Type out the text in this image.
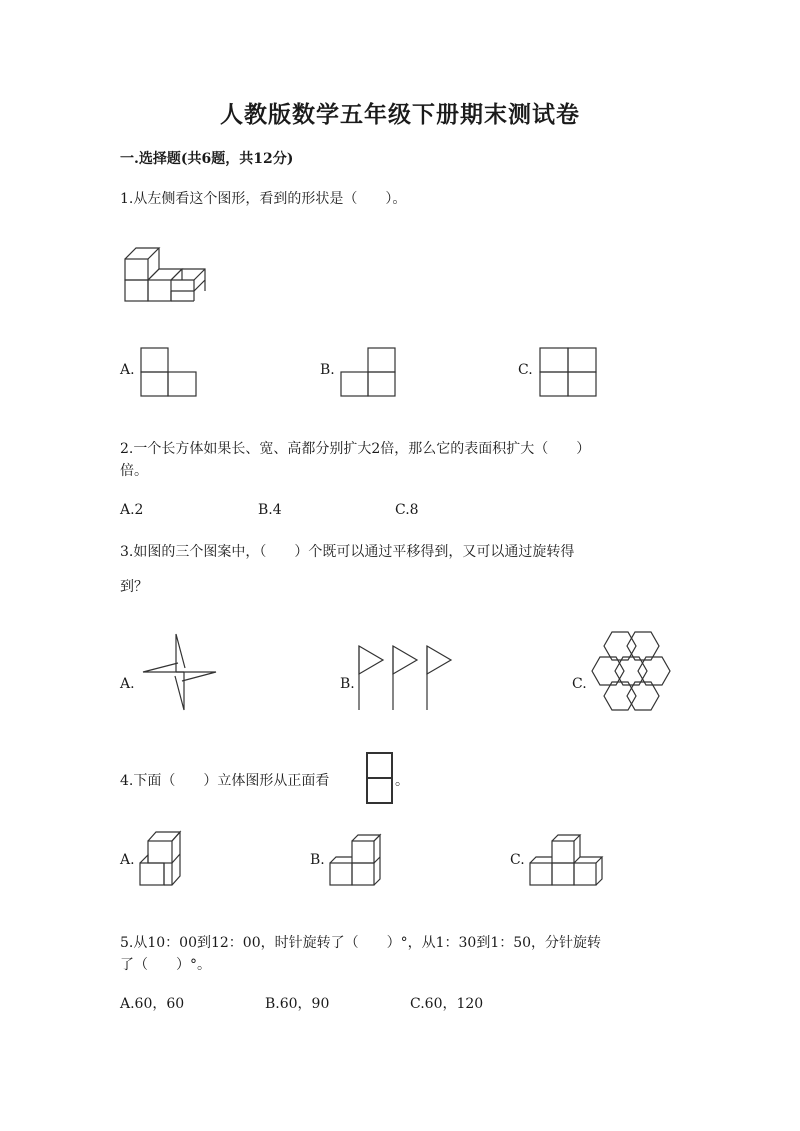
人教版数学五年级下册期末测试卷
一.选择题(共6题，共12分)
1.从左侧看这个图形，看到的形状是（　　）。
A.	B.	C.
2.一个长方体如果长、宽、高都分别扩大2倍，那么它的表面积扩大（　　）
倍。
A.2	B.4	C.8
3.如图的三个图案中，（　　）个既可以通过平移得到，又可以通过旋转得
到？
A.	B.	C.
4.下面（　　）立体图形从正面看	。
A.	B.	C.
5.从10：00到12：00，时针旋转了（　　）°，从1：30到1：50，分针旋转
了（　　）°。
A.60，60	B.60，90	C.60，120
